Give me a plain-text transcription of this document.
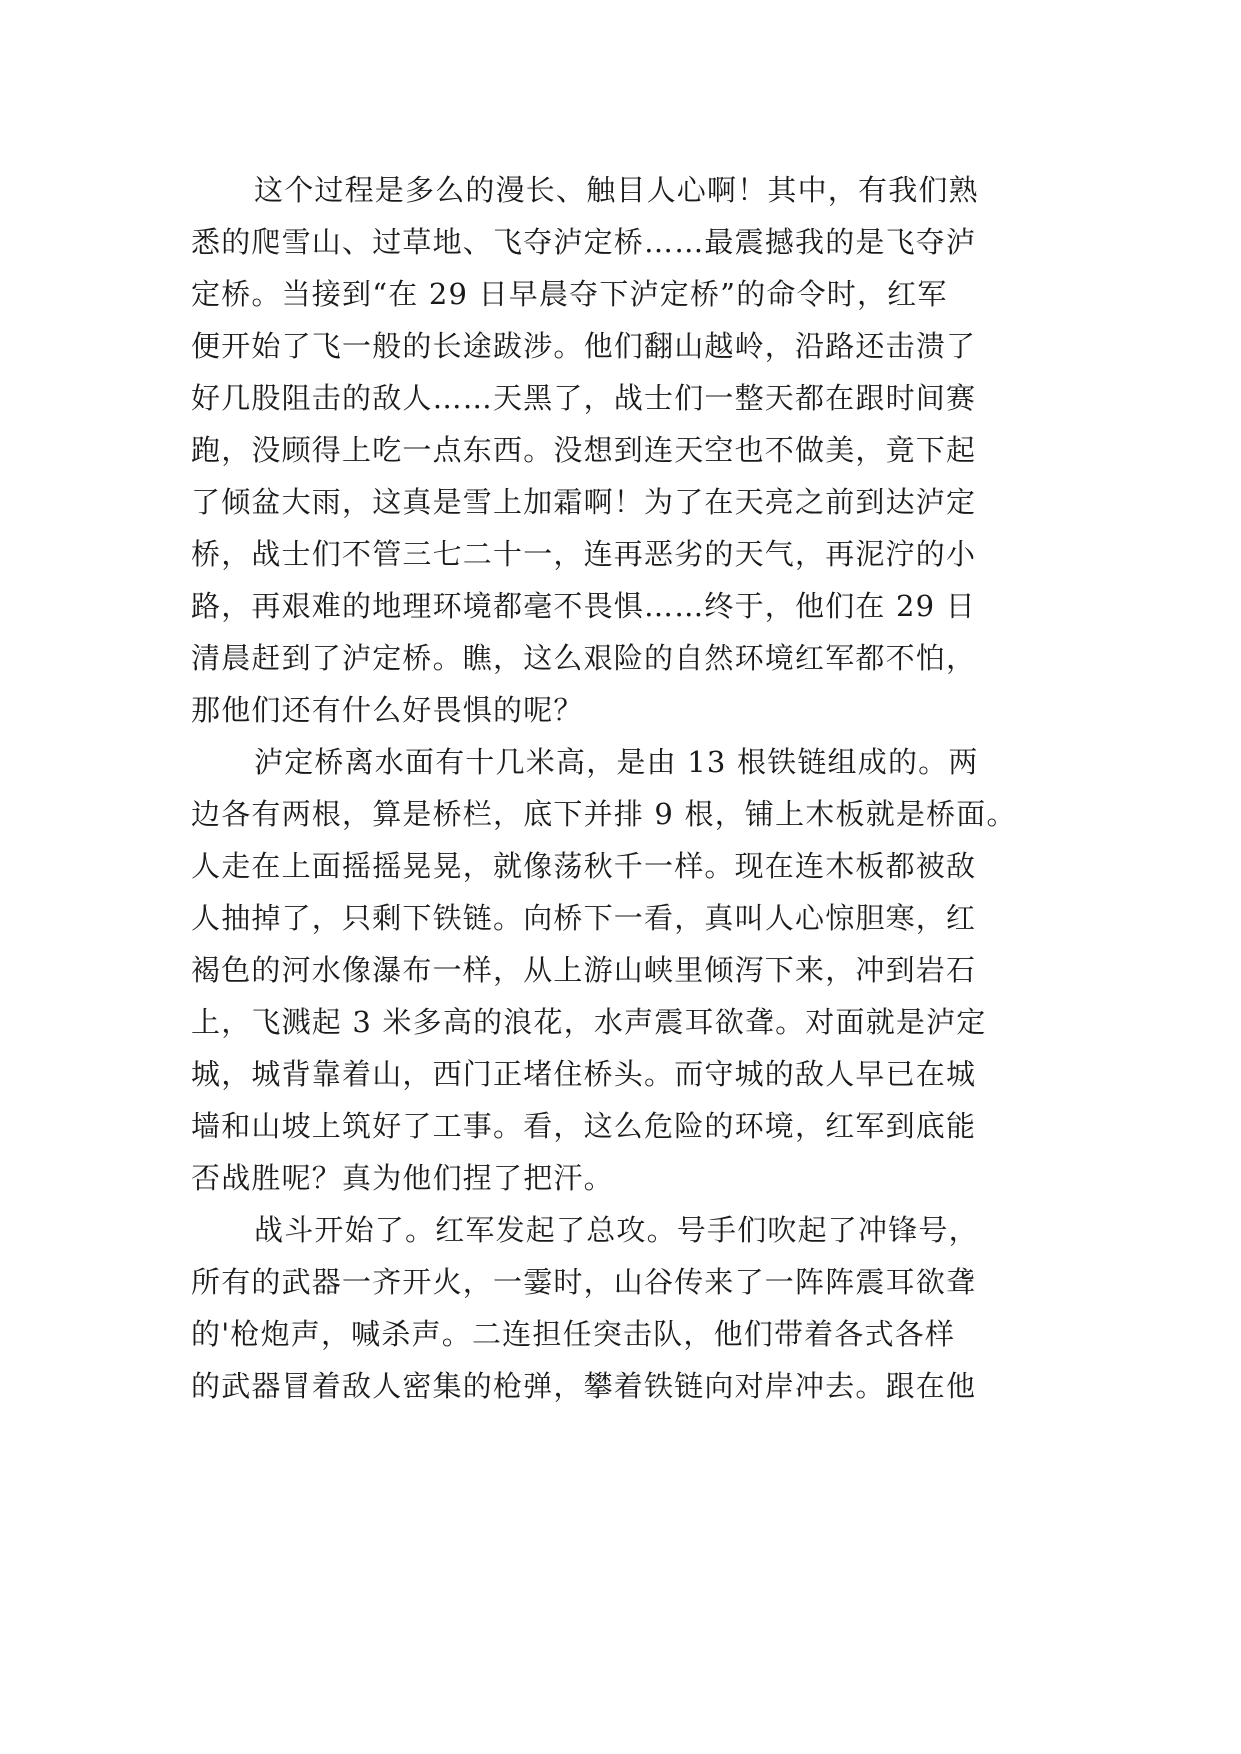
这个过程是多么的漫长、触目人心啊！其中，有我们熟
悉的爬雪山、过草地、飞夺泸定桥……最震撼我的是飞夺泸
定桥。当接到“在 29 日早晨夺下泸定桥”的命令时，红军
便开始了飞一般的长途跋涉。他们翻山越岭，沿路还击溃了
好几股阻击的敌人……天黑了，战士们一整天都在跟时间赛
跑，没顾得上吃一点东西。没想到连天空也不做美，竟下起
了倾盆大雨，这真是雪上加霜啊！为了在天亮之前到达泸定
桥，战士们不管三七二十一，连再恶劣的天气，再泥泞的小
路，再艰难的地理环境都毫不畏惧……终于，他们在 29 日
清晨赶到了泸定桥。瞧，这么艰险的自然环境红军都不怕，
那他们还有什么好畏惧的呢？
泸定桥离水面有十几米高，是由 13 根铁链组成的。两
边各有两根，算是桥栏，底下并排 9 根，铺上木板就是桥面。
人走在上面摇摇晃晃，就像荡秋千一样。现在连木板都被敌
人抽掉了，只剩下铁链。向桥下一看，真叫人心惊胆寒，红
褐色的河水像瀑布一样，从上游山峡里倾泻下来，冲到岩石
上，飞溅起 3 米多高的浪花，水声震耳欲聋。对面就是泸定
城，城背靠着山，西门正堵住桥头。而守城的敌人早已在城
墙和山坡上筑好了工事。看，这么危险的环境，红军到底能
否战胜呢？真为他们捏了把汗。
战斗开始了。红军发起了总攻。号手们吹起了冲锋号，
所有的武器一齐开火，一霎时，山谷传来了一阵阵震耳欲聋
的'枪炮声，喊杀声。二连担任突击队，他们带着各式各样
的武器冒着敌人密集的枪弹，攀着铁链向对岸冲去。跟在他
